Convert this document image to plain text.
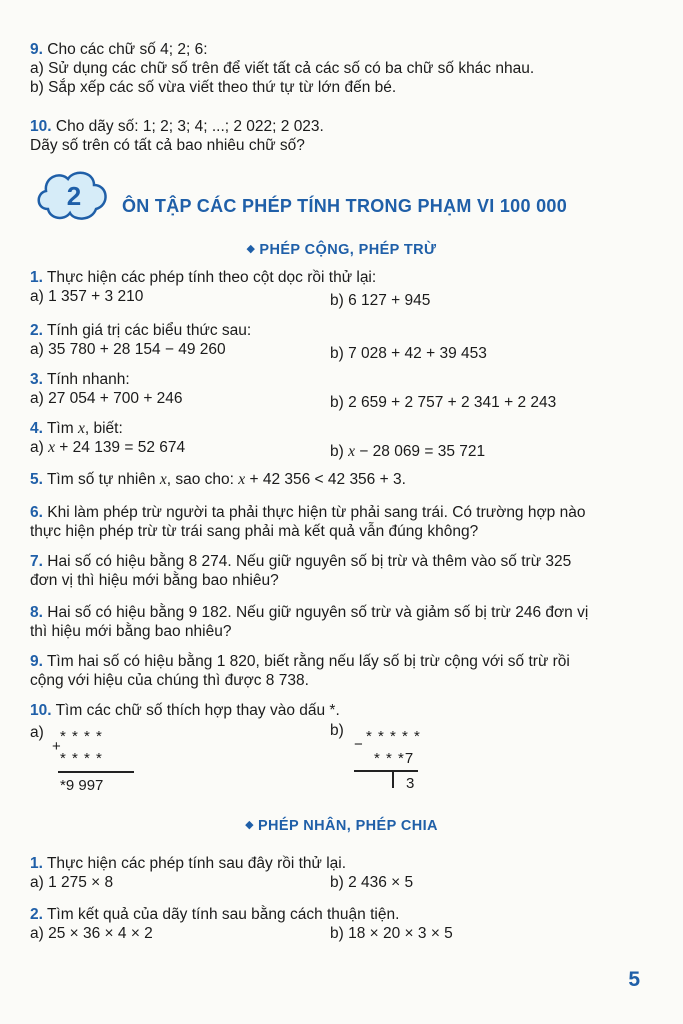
9. Cho các chữ số 4; 2; 6:
a) Sử dụng các chữ số trên để viết tất cả các số có ba chữ số khác nhau.
b) Sắp xếp các số vừa viết theo thứ tự từ lớn đến bé.
10. Cho dãy số: 1; 2; 3; 4; ...; 2 022; 2 023.
Dãy số trên có tất cả bao nhiêu chữ số?
2 ÔN TẬP CÁC PHÉP TÍNH TRONG PHẠM VI 100 000
◆ PHÉP CỘNG, PHÉP TRỪ
1. Thực hiện các phép tính theo cột dọc rồi thử lại:
a) 1 357 + 3 210	b) 6 127 + 945
2. Tính giá trị các biểu thức sau:
a) 35 780 + 28 154 − 49 260	b) 7 028 + 42 + 39 453
3. Tính nhanh:
a) 27 054 + 700 + 246	b) 2 659 + 2 757 + 2 341 + 2 243
4. Tìm x, biết:
a) x + 24 139 = 52 674	b) x − 28 069 = 35 721
5. Tìm số tự nhiên x, sao cho: x + 42 356 < 42 356 + 3.
6. Khi làm phép trừ người ta phải thực hiện từ phải sang trái. Có trường hợp nào
thực hiện phép trừ từ trái sang phải mà kết quả vẫn đúng không?
7. Hai số có hiệu bằng 8 274. Nếu giữ nguyên số bị trừ và thêm vào số trừ 325
đơn vị thì hiệu mới bằng bao nhiêu?
8. Hai số có hiệu bằng 9 182. Nếu giữ nguyên số trừ và giảm số bị trừ 246 đơn vị
thì hiệu mới bằng bao nhiêu?
9. Tìm hai số có hiệu bằng 1 820, biết rằng nếu lấy số bị trừ cộng với số trừ rồi
cộng với hiệu của chúng thì được 8 738.
10. Tìm các chữ số thích hợp thay vào dấu *.
a) * * * *
+
* * * *
*9 997
b) * * * * *
−
* * *7
3
◆ PHÉP NHÂN, PHÉP CHIA
1. Thực hiện các phép tính sau đây rồi thử lại.
a) 1 275 × 8	b) 2 436 × 5
2. Tìm kết quả của dãy tính sau bằng cách thuận tiện.
a) 25 × 36 × 4 × 2	b) 18 × 20 × 3 × 5
5
